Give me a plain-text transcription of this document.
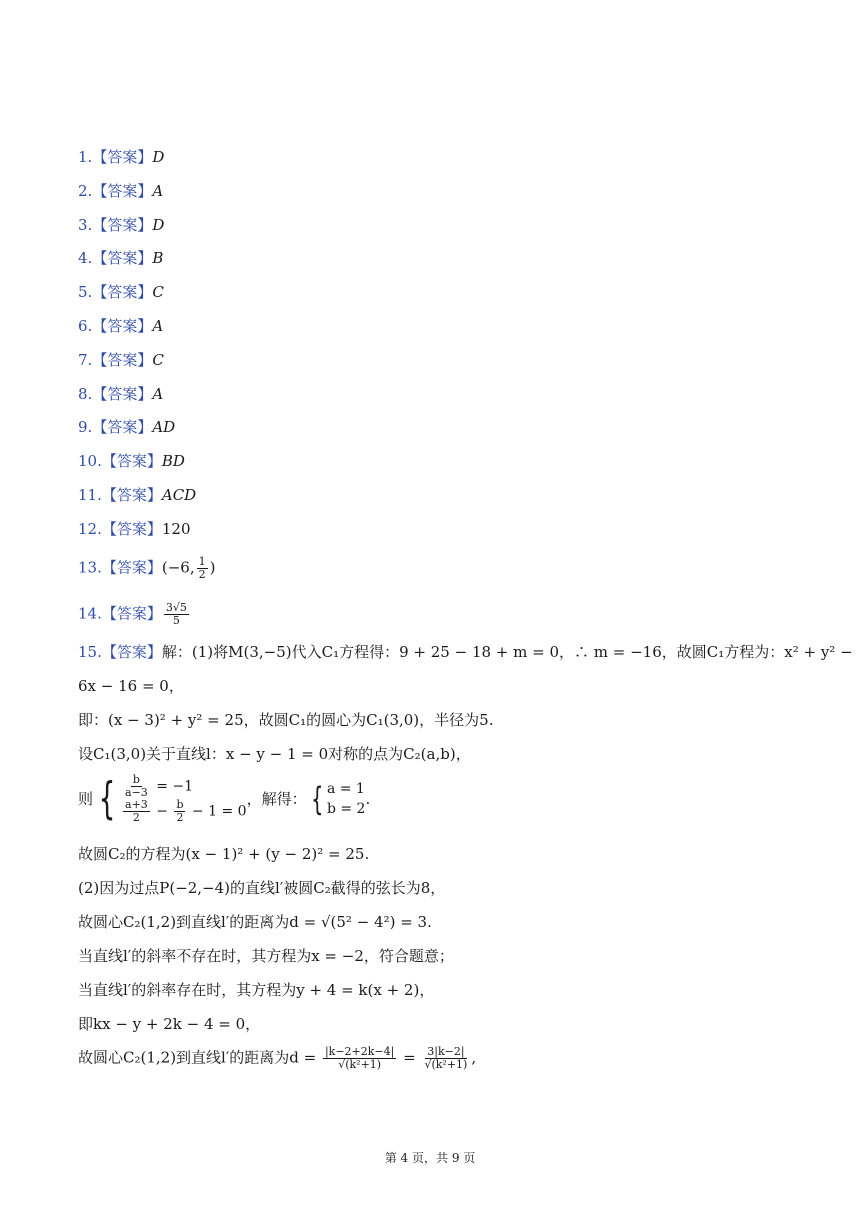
1.【答案】D
2.【答案】A
3.【答案】D
4.【答案】B
5.【答案】C
6.【答案】A
7.【答案】C
8.【答案】A
9.【答案】AD
10.【答案】BD
11.【答案】ACD
12.【答案】120
13.【答案】(−6, $\frac{1}{2}$ )
14.【答案】 $\frac{3√5}{5}$
15.【答案】解：(1)将M(3,−5)代入C₁方程得：9 + 25 − 18 + m = 0，∴ m = −16，故圆C₁方程为：x² + y² −
6x − 16 = 0，
即：(x − 3)² + y² = 25，故圆C₁的圆心为C₁(3,0)，半径为5.
设C₁(3,0)关于直线l：x − y − 1 = 0对称的点为C₂(a,b)，
则 { $\frac{b}{a-3} = -1$
$\frac{a+3}{2} - \frac{b}{2} - 1 = 0$
，解得： { a = 1
b = 2
.
故圆C₂的方程为(x − 1)² + (y − 2)² = 25.
(2)因为过点P(−2,−4)的直线l′被圆C₂截得的弦长为8，
故圆心C₂(1,2)到直线l′的距离为d = √(5² − 4²) = 3.
当直线l′的斜率不存在时，其方程为x = −2，符合题意；
当直线l′的斜率存在时，其方程为y + 4 = k(x + 2)，
即kx − y + 2k − 4 = 0，
故圆心C₂(1,2)到直线l′的距离为$d = \frac{|k-2+2k-4|}{\text{√(k²+1)}} = \frac{3|k-2|}{\text{√(k²+1)}}$ ,
第 4 页，共 9 页
